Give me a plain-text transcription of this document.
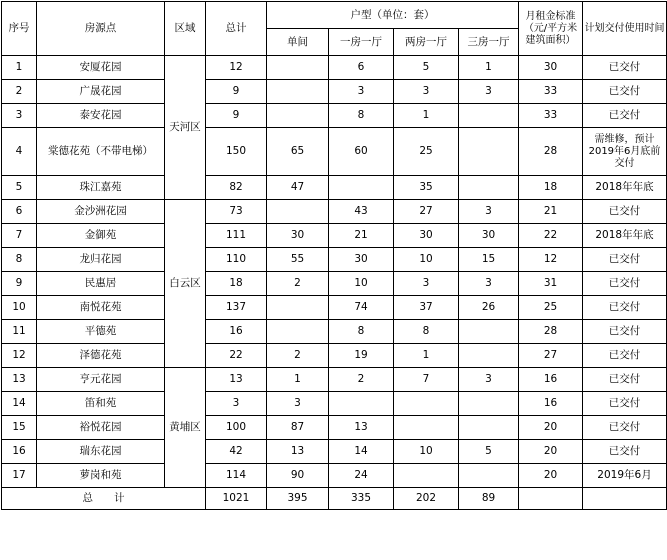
序号	房源点	区域	总计	户型（单位：套）				月租金标准（元/平方米建筑面积）	计划交付使用时间
				单间	一房一厅	两房一厅	三房一厅		
1	安厦花园	天河区	12		6	5	1	30	已交付
2	广晟花园		9		3	3	3	33	已交付
3	泰安花园		9		8	1		33	已交付
4	棠德花苑（不带电梯）		150	65	60	25		28	需维修，预计2019年6月底前交付
5	珠江嘉苑		82	47		35		18	2018年年底
6	金沙洲花园	白云区	73		43	27	3	21	已交付
7	金御苑		111	30	21	30	30	22	2018年年底
8	龙归花园		110	55	30	10	15	12	已交付
9	民惠居		18	2	10	3	3	31	已交付
10	南悦花苑		137		74	37	26	25	已交付
11	平德苑		16		8	8		28	已交付
12	泽德花苑		22	2	19	1		27	已交付
13	亨元花园	黄埔区	13	1	2	7	3	16	已交付
14	笛和苑		3	3				16	已交付
15	裕悦花园		100	87	13			20	已交付
16	瑞东花园		42	13	14	10	5	20	已交付
17	萝岗和苑		114	90	24			20	2019年6月
总　　计			1021	395	335	202	89		
